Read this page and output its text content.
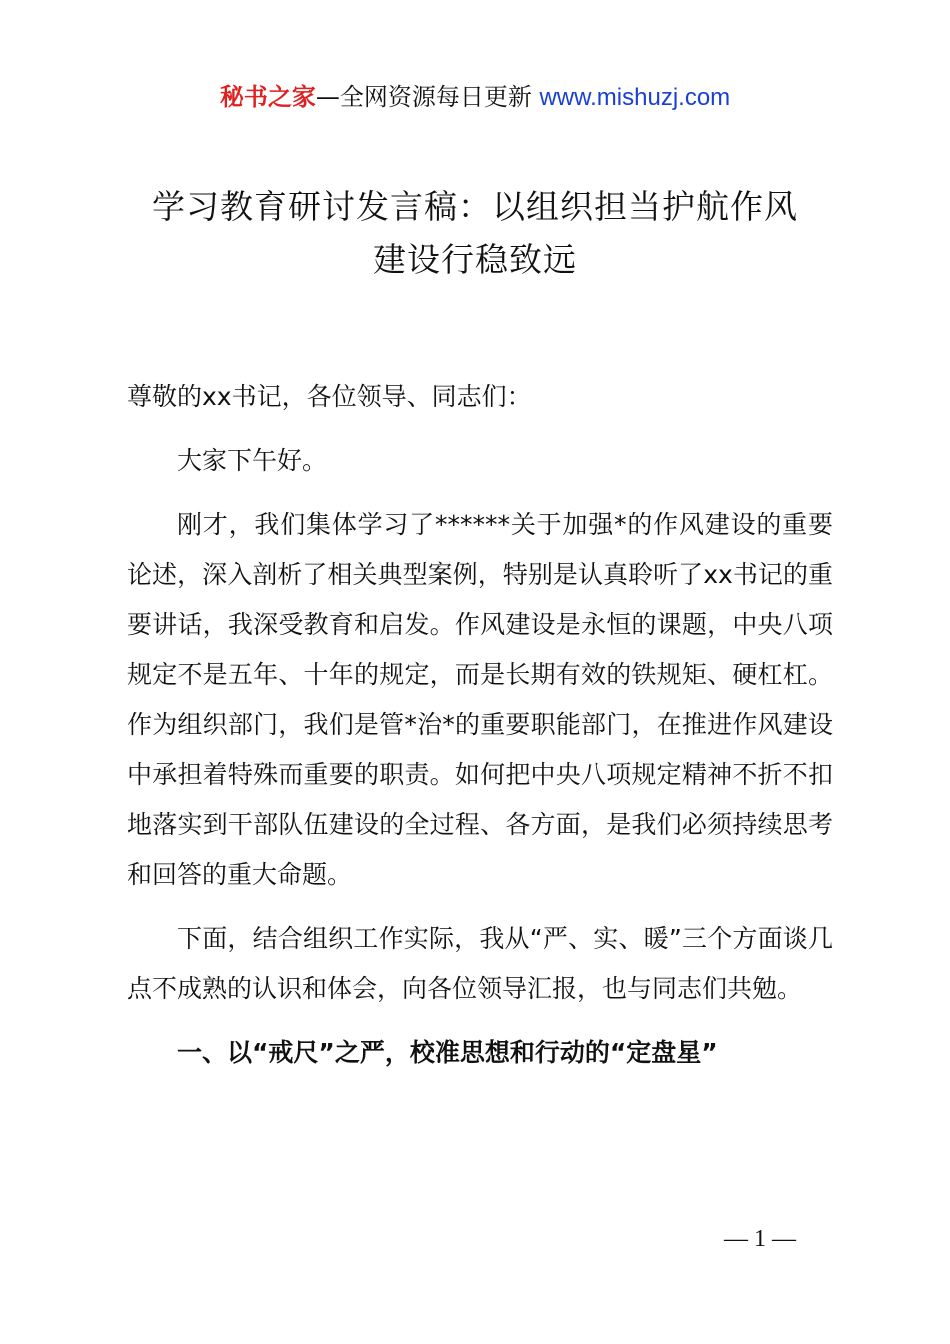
秘书之家—全网资源每日更新 www.mishuzj.com
学习教育研讨发言稿：以组织担当护航作风
建设行稳致远

尊敬的xx书记，各位领导、同志们：

大家下午好。

刚才，我们集体学习了******关于加强*的作风建设的重要论述，深入剖析了相关典型案例，特别是认真聆听了xx书记的重要讲话，我深受教育和启发。作风建设是永恒的课题，中央八项规定不是五年、十年的规定，而是长期有效的铁规矩、硬杠杠。作为组织部门，我们是管*治*的重要职能部门，在推进作风建设中承担着特殊而重要的职责。如何把中央八项规定精神不折不扣地落实到干部队伍建设的全过程、各方面，是我们必须持续思考和回答的重大命题。

下面，结合组织工作实际，我从“严、实、暖”三个方面谈几点不成熟的认识和体会，向各位领导汇报，也与同志们共勉。

一、以“戒尺”之严，校准思想和行动的“定盘星”

— 1 —
